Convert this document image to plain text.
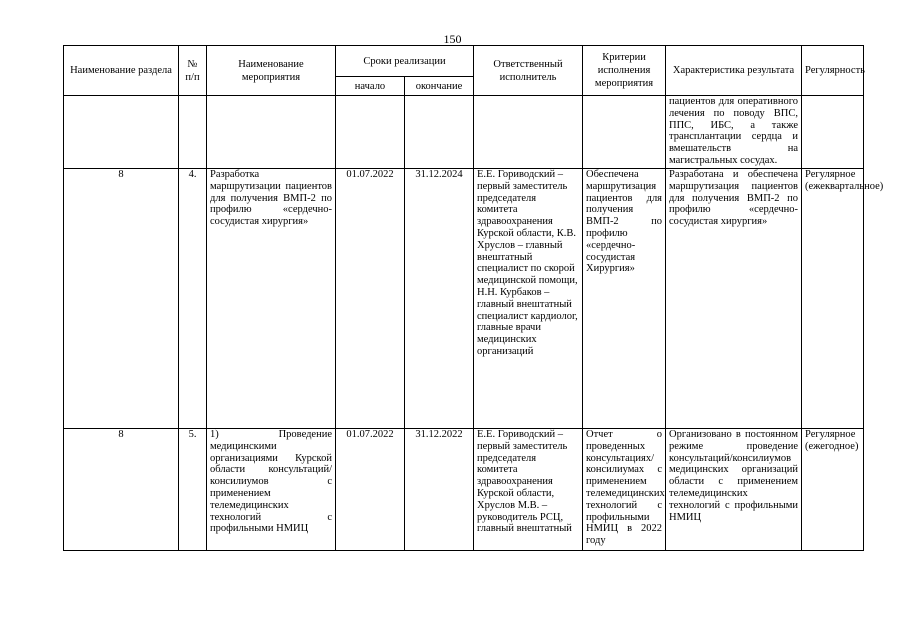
150
Наименование раздела	№ п/п	Наименование мероприятия	Сроки реализации		Ответственный исполнитель	Критерии исполнения мероприятия	Характеристика результата	Регулярность
			начало	окончание				
							пациентов для оперативного лечения по поводу ВПС, ППС, ИБС, а также трансплантации сердца и вмешательств на магистральных сосудах.	
8	4.	Разработка маршрутизации пациентов для получения ВМП-2 по профилю «сердечно-сосудистая хирургия»	01.07.2022	31.12.2024	Е.Е. Гориводский – первый заместитель председателя комитета здравоохранения Курской области, К.В. Хруслов – главный внештатный специалист по скорой медицинской помощи, Н.Н. Курбаков – главный внештатный специалист кардиолог, главные врачи медицинских организаций	Обеспечена маршрутизация пациентов для получения ВМП-2 по профилю «сердечно-сосудистая Хирургия»	Разработана и обеспечена маршрутизация пациентов для получения ВМП-2 по профилю «сердечно-сосудистая хирургия»	Регулярное (ежеквартальное)
8	5.	1) Проведение медицинскими организациями Курской области консультаций/консилиумов с применением телемедицинских технологий с профильными НМИЦ	01.07.2022	31.12.2022	Е.Е. Гориводский – первый заместитель председателя комитета здравоохранения Курской области, Хруслов М.В. – руководитель РСЦ, главный внештатный	Отчет о проведенных консультациях/консилиумах с применением телемедицинских технологий с профильными НМИЦ в 2022 году	Организовано в постоянном режиме проведение консультаций/консилиумов медицинских организаций области с применением телемедицинских технологий с профильными НМИЦ	Регулярное (ежегодное)
